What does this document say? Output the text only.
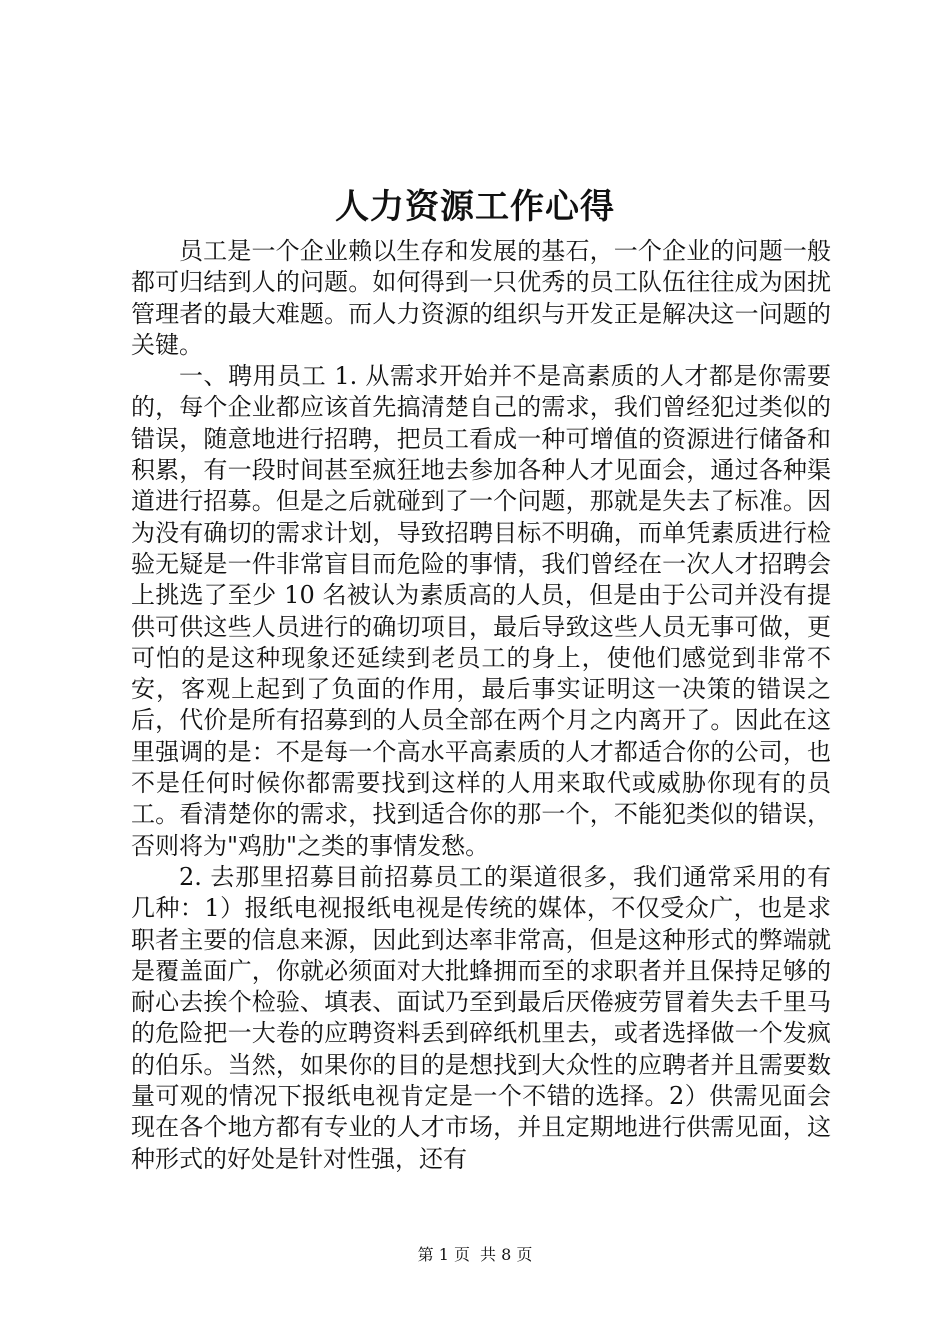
人力资源工作心得

员工是一个企业赖以生存和发展的基石，一个企业的问题一般都可归结到人的问题。如何得到一只优秀的员工队伍往往成为困扰管理者的最大难题。而人力资源的组织与开发正是解决这一问题的关键。

一、聘用员工 1. 从需求开始并不是高素质的人才都是你需要的，每个企业都应该首先搞清楚自己的需求，我们曾经犯过类似的错误，随意地进行招聘，把员工看成一种可增值的资源进行储备和积累，有一段时间甚至疯狂地去参加各种人才见面会，通过各种渠道进行招募。但是之后就碰到了一个问题，那就是失去了标准。因为没有确切的需求计划，导致招聘目标不明确，而单凭素质进行检验无疑是一件非常盲目而危险的事情，我们曾经在一次人才招聘会上挑选了至少 10 名被认为素质高的人员，但是由于公司并没有提供可供这些人员进行的确切项目，最后导致这些人员无事可做，更可怕的是这种现象还延续到老员工的身上，使他们感觉到非常不安，客观上起到了负面的作用，最后事实证明这一决策的错误之后，代价是所有招募到的人员全部在两个月之内离开了。因此在这里强调的是：不是每一个高水平高素质的人才都适合你的公司，也不是任何时候你都需要找到这样的人用来取代或威胁你现有的员工。看清楚你的需求，找到适合你的那一个，不能犯类似的错误，否则将为"鸡肋"之类的事情发愁。

2. 去那里招募目前招募员工的渠道很多，我们通常采用的有几种：1）报纸电视报纸电视是传统的媒体，不仅受众广，也是求职者主要的信息来源，因此到达率非常高，但是这种形式的弊端就是覆盖面广，你就必须面对大批蜂拥而至的求职者并且保持足够的耐心去挨个检验、填表、面试乃至到最后厌倦疲劳冒着失去千里马的危险把一大卷的应聘资料丢到碎纸机里去，或者选择做一个发疯的伯乐。当然，如果你的目的是想找到大众性的应聘者并且需要数量可观的情况下报纸电视肯定是一个不错的选择。2）供需见面会现在各个地方都有专业的人才市场，并且定期地进行供需见面，这种形式的好处是针对性强，还有

第 1 页 共 8 页
